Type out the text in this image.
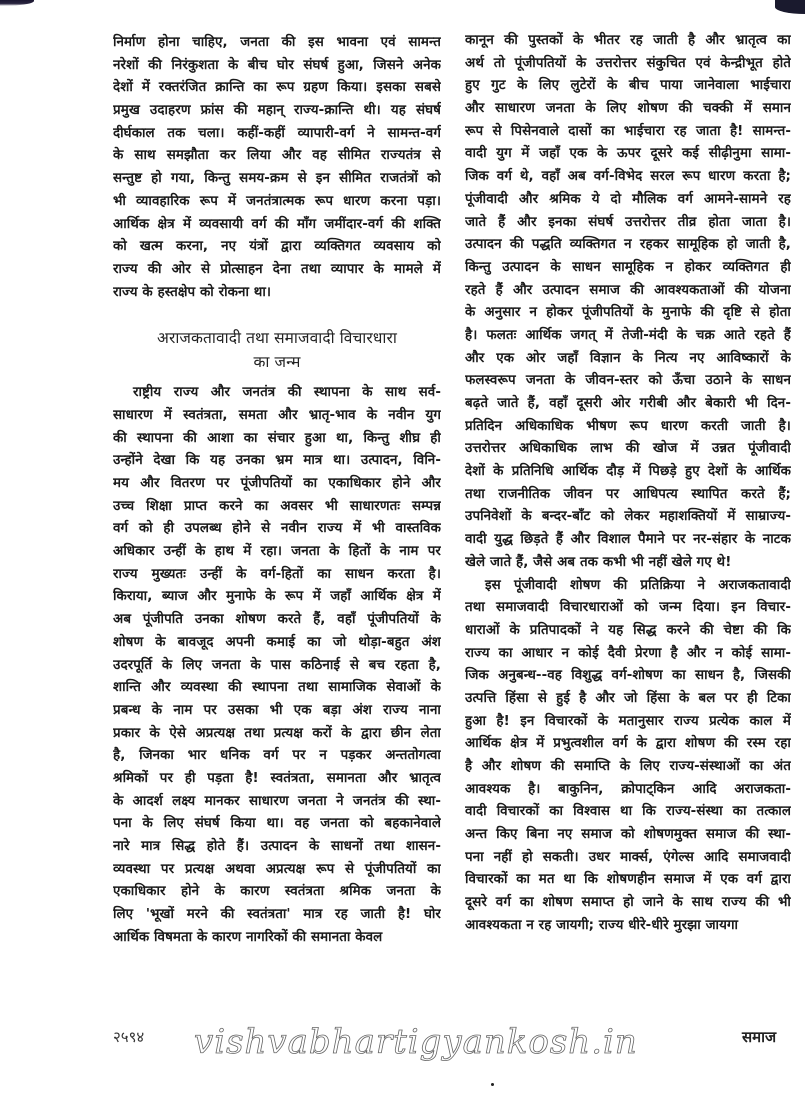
निर्माण होना चाहिए, जनता की इस भावना एवं सामन्त
नरेशों की निरंकुशता के बीच घोर संघर्ष हुआ, जिसने अनेक
देशों में रक्तरंजित क्रान्ति का रूप ग्रहण किया। इसका सबसे
प्रमुख उदाहरण फ्रांस की महान् राज्य-क्रान्ति थी। यह संघर्ष
दीर्घकाल तक चला। कहीं-कहीं व्यापारी-वर्ग ने सामन्त-वर्ग
के साथ समझौता कर लिया और वह सीमित राज्यतंत्र से
सन्तुष्ट हो गया, किन्तु समय-क्रम से इन सीमित राजतंत्रों को
भी व्यावहारिक रूप में जनतंत्रात्मक रूप धारण करना पड़ा।
आर्थिक क्षेत्र में व्यवसायी वर्ग की माँग जमींदार-वर्ग की शक्ति
को खत्म करना, नए यंत्रों द्वारा व्यक्तिगत व्यवसाय को
राज्य की ओर से प्रोत्साहन देना तथा व्यापार के मामले में
राज्य के हस्तक्षेप को रोकना था।
अराजकतावादी तथा समाजवादी विचारधारा
का जन्म
राष्ट्रीय राज्य और जनतंत्र की स्थापना के साथ सर्व-
साधारण में स्वतंत्रता, समता और भ्रातृ-भाव के नवीन युग
की स्थापना की आशा का संचार हुआ था, किन्तु शीघ्र ही
उन्होंने देखा कि यह उनका भ्रम मात्र था। उत्पादन, विनि-
मय और वितरण पर पूंजीपतियों का एकाधिकार होने और
उच्च शिक्षा प्राप्त करने का अवसर भी साधारणतः सम्पन्न
वर्ग को ही उपलब्ध होने से नवीन राज्य में भी वास्तविक
अधिकार उन्हीं के हाथ में रहा। जनता के हितों के नाम पर
राज्य मुख्यतः उन्हीं के वर्ग-हितों का साधन करता है।
किराया, ब्याज और मुनाफे के रूप में जहाँ आर्थिक क्षेत्र में
अब पूंजीपति उनका शोषण करते हैं, वहाँ पूंजीपतियों के
शोषण के बावजूद अपनी कमाई का जो थोड़ा-बहुत अंश
उदरपूर्ति के लिए जनता के पास कठिनाई से बच रहता है,
शान्ति और व्यवस्था की स्थापना तथा सामाजिक सेवाओं के
प्रबन्ध के नाम पर उसका भी एक बड़ा अंश राज्य नाना
प्रकार के ऐसे अप्रत्यक्ष तथा प्रत्यक्ष करों के द्वारा छीन लेता
है, जिनका भार धनिक वर्ग पर न पड़कर अन्ततोगत्वा
श्रमिकों पर ही पड़ता है! स्वतंत्रता, समानता और भ्रातृत्व
के आदर्श लक्ष्य मानकर साधारण जनता ने जनतंत्र की स्था-
पना के लिए संघर्ष किया था। वह जनता को बहकानेवाले
नारे मात्र सिद्ध होते हैं। उत्पादन के साधनों तथा शासन-
व्यवस्था पर प्रत्यक्ष अथवा अप्रत्यक्ष रूप से पूंजीपतियों का
एकाधिकार होने के कारण स्वतंत्रता श्रमिक जनता के
लिए 'भूखों मरने की स्वतंत्रता' मात्र रह जाती है! घोर
आर्थिक विषमता के कारण नागरिकों की समानता केवल
कानून की पुस्तकों के भीतर रह जाती है और भ्रातृत्व का
अर्थ तो पूंजीपतियों के उत्तरोत्तर संकुचित एवं केन्द्रीभूत होते
हुए गुट के लिए लुटेरों के बीच पाया जानेवाला भाईचारा
और साधारण जनता के लिए शोषण की चक्की में समान
रूप से पिसेनवाले दासों का भाईचारा रह जाता है! सामन्त-
वादी युग में जहाँ एक के ऊपर दूसरे कई सीढ़ीनुमा सामा-
जिक वर्ग थे, वहाँ अब वर्ग-विभेद सरल रूप धारण करता है;
पूंजीवादी और श्रमिक ये दो मौलिक वर्ग आमने-सामने रह
जाते हैं और इनका संघर्ष उत्तरोत्तर तीव्र होता जाता है।
उत्पादन की पद्धति व्यक्तिगत न रहकर सामूहिक हो जाती है,
किन्तु उत्पादन के साधन सामूहिक न होकर व्यक्तिगत ही
रहते हैं और उत्पादन समाज की आवश्यकताओं की योजना
के अनुसार न होकर पूंजीपतियों के मुनाफे की दृष्टि से होता
है। फलतः आर्थिक जगत् में तेजी-मंदी के चक्र आते रहते हैं
और एक ओर जहाँ विज्ञान के नित्य नए आविष्कारों के
फलस्वरूप जनता के जीवन-स्तर को ऊँचा उठाने के साधन
बढ़ते जाते हैं, वहाँ दूसरी ओर गरीबी और बेकारी भी दिन-
प्रतिदिन अधिकाधिक भीषण रूप धारण करती जाती है।
उत्तरोत्तर अधिकाधिक लाभ की खोज में उन्नत पूंजीवादी
देशों के प्रतिनिधि आर्थिक दौड़ में पिछड़े हुए देशों के आर्थिक
तथा राजनीतिक जीवन पर आधिपत्य स्थापित करते हैं;
उपनिवेशों के बन्दर-बाँट को लेकर महाशक्तियों में साम्राज्य-
वादी युद्ध छिड़ते हैं और विशाल पैमाने पर नर-संहार के नाटक
खेले जाते हैं, जैसे अब तक कभी भी नहीं खेले गए थे!
इस पूंजीवादी शोषण की प्रतिक्रिया ने अराजकतावादी
तथा समाजवादी विचारधाराओं को जन्म दिया। इन विचार-
धाराओं के प्रतिपादकों ने यह सिद्ध करने की चेष्टा की कि
राज्य का आधार न कोई दैवी प्रेरणा है और न कोई सामा-
जिक अनुबन्ध--वह विशुद्ध वर्ग-शोषण का साधन है, जिसकी
उत्पत्ति हिंसा से हुई है और जो हिंसा के बल पर ही टिका
हुआ है! इन विचारकों के मतानुसार राज्य प्रत्येक काल में
आर्थिक क्षेत्र में प्रभुत्वशील वर्ग के द्वारा शोषण की रस्म रहा
है और शोषण की समाप्ति के लिए राज्य-संस्थाओं का अंत
आवश्यक है। बाकुनिन, क्रोपाट्किन आदि अराजकता-
वादी विचारकों का विश्वास था कि राज्य-संस्था का तत्काल
अन्त किए बिना नए समाज को शोषणमुक्त समाज की स्था-
पना नहीं हो सकती। उधर मार्क्स, एंगेल्स आदि समाजवादी
विचारकों का मत था कि शोषणहीन समाज में एक वर्ग द्वारा
दूसरे वर्ग का शोषण समाप्त हो जाने के साथ राज्य की भी
आवश्यकता न रह जायगी; राज्य धीरे-धीरे मुरझा जायगा
२५९४ vishvabhartigyankosh.in	समाज
